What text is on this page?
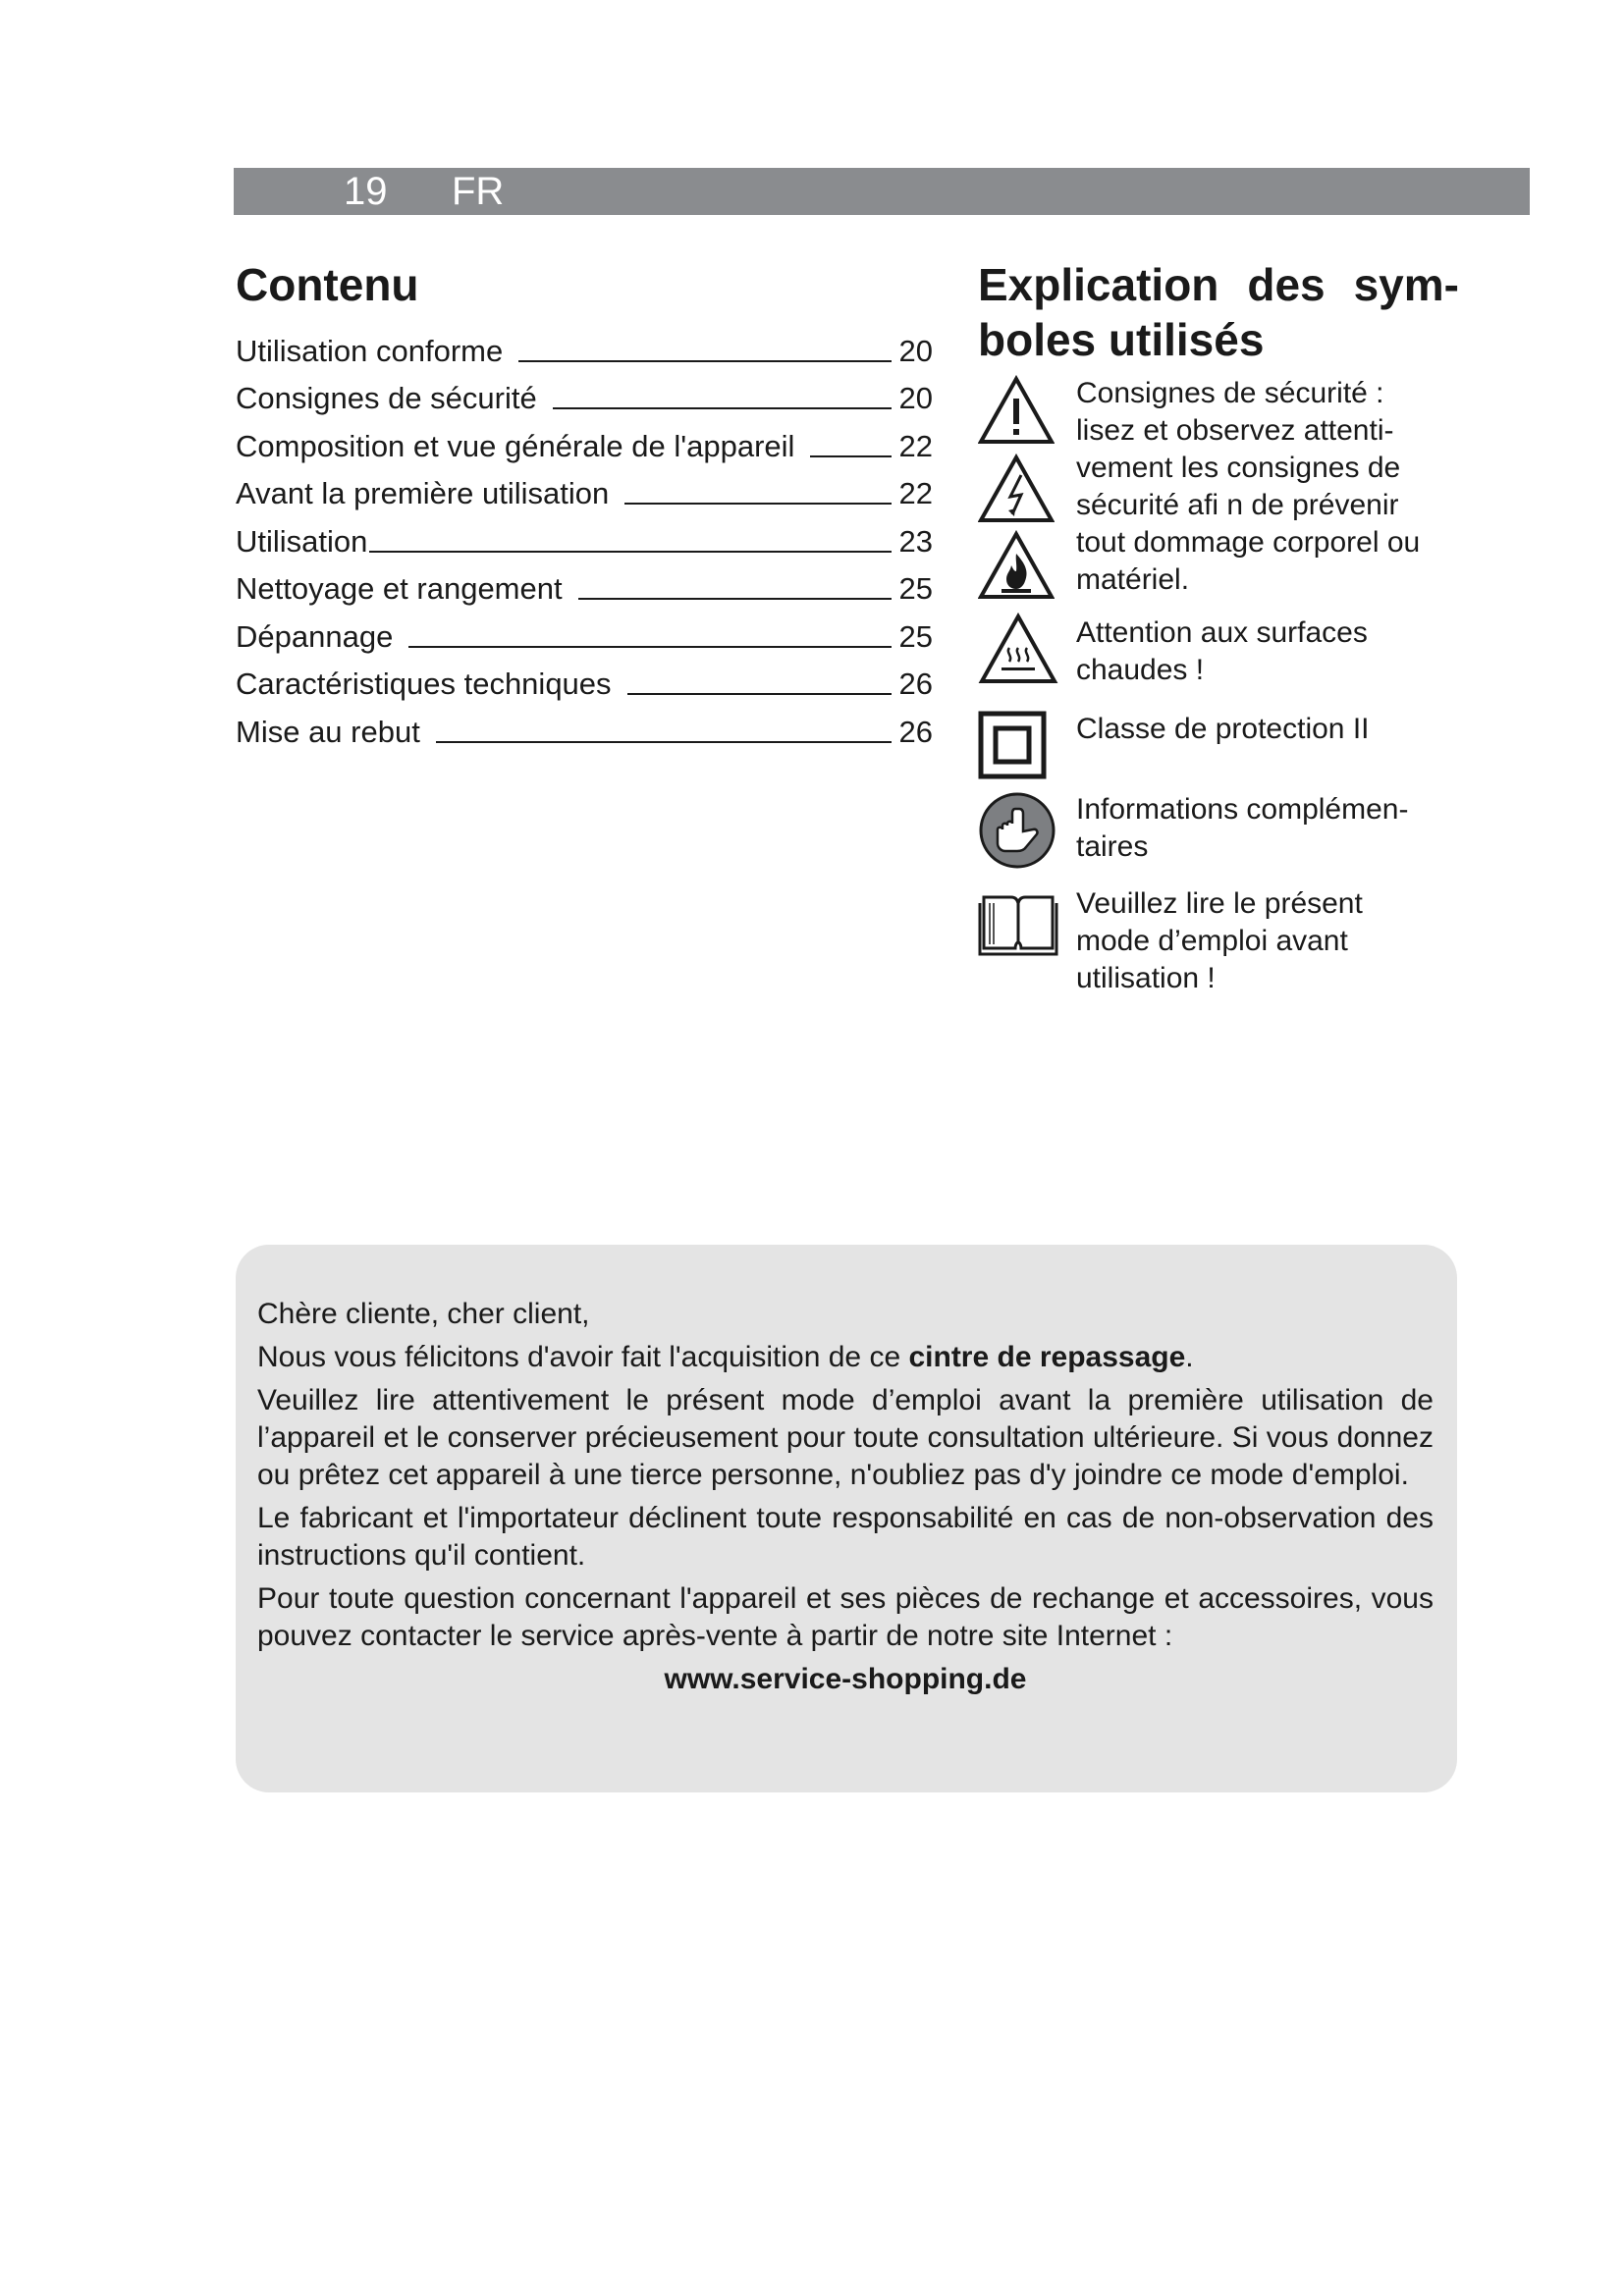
19 FR
Contenu
Utilisation conforme	20
Consignes de sécurité	20
Composition et vue générale de l'appareil	22
Avant la première utilisation	22
Utilisation	23
Nettoyage et rangement	25
Dépannage	25
Caractéristiques techniques	26
Mise au rebut	26
Explication des sym-
boles utilisés
Consignes de sécurité :
lisez et observez attenti-
vement les consignes de
sécurité afi n de prévenir
tout dommage corporel ou
matériel.
Attention aux surfaces
chaudes !
Classe de protection II
Informations complémen-
taires
Veuillez lire le présent
mode d’emploi avant
utilisation !

Chère cliente, cher client,

Nous vous félicitons d'avoir fait l'acquisition de ce cintre de repassage.

Veuillez lire attentivement le présent mode d’emploi avant la première utilisation de l’appareil et le conserver précieusement pour toute consultation ultérieure. Si vous donnez ou prêtez cet appareil à une tierce personne, n'oubliez pas d'y joindre ce mode d'emploi.

Le fabricant et l'importateur déclinent toute responsabilité en cas de non-observation des instructions qu'il contient.

Pour toute question concernant l'appareil et ses pièces de rechange et accessoires, vous pouvez contacter le service après-vente à partir de notre site Internet :

www.service-shopping.de
